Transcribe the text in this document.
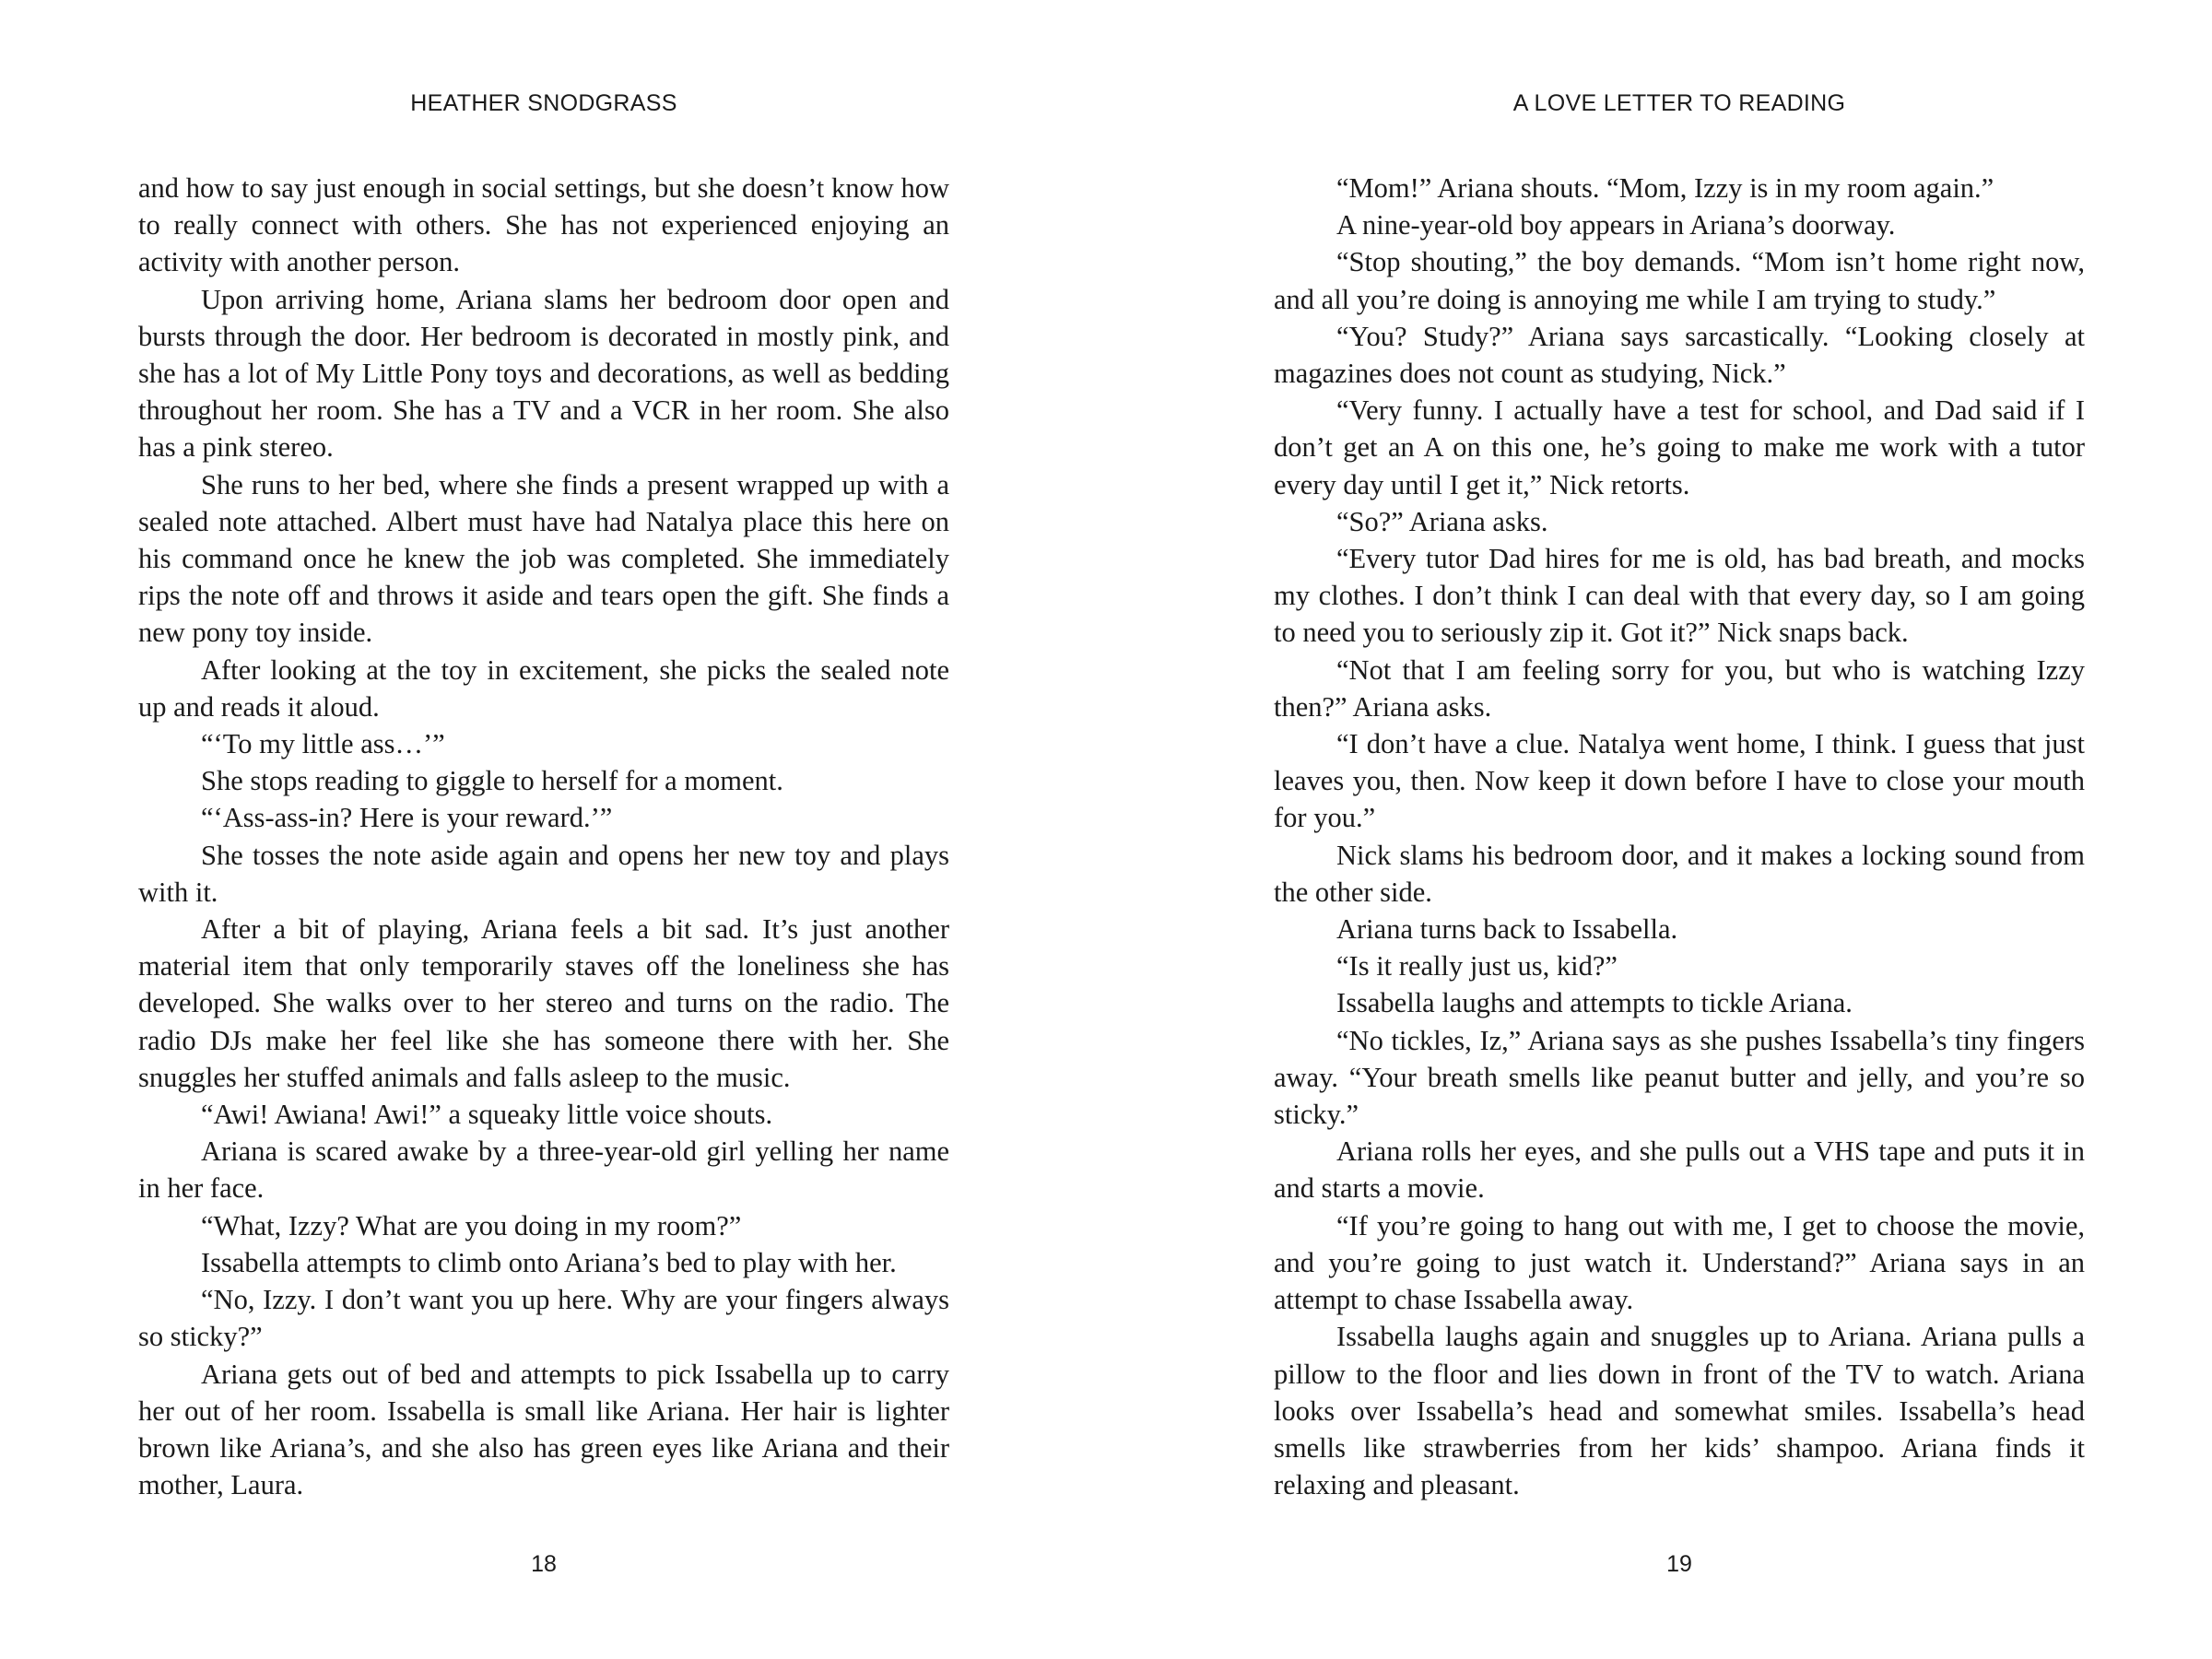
HEATHER SNODGRASS

and how to say just enough in social settings, but she doesn’t know how to really connect with others. She has not experienced enjoying an activity with another person.

Upon arriving home, Ariana slams her bedroom door open and bursts through the door. Her bedroom is decorated in mostly pink, and she has a lot of My Little Pony toys and decorations, as well as bedding throughout her room. She has a TV and a VCR in her room. She also has a pink stereo.

She runs to her bed, where she finds a present wrapped up with a sealed note attached. Albert must have had Natalya place this here on his command once he knew the job was completed. She immediately rips the note off and throws it aside and tears open the gift. She finds a new pony toy inside.

After looking at the toy in excitement, she picks the sealed note up and reads it aloud.

“‘To my little ass…’”

She stops reading to giggle to herself for a moment.

“‘Ass-ass-in? Here is your reward.’”

She tosses the note aside again and opens her new toy and plays with it.

After a bit of playing, Ariana feels a bit sad. It’s just another material item that only temporarily staves off the loneliness she has developed. She walks over to her stereo and turns on the radio. The radio DJs make her feel like she has someone there with her. She snuggles her stuffed animals and falls asleep to the music.

“Awi! Awiana! Awi!” a squeaky little voice shouts.

Ariana is scared awake by a three-year-old girl yelling her name in her face.

“What, Izzy? What are you doing in my room?”

Issabella attempts to climb onto Ariana’s bed to play with her.

“No, Izzy. I don’t want you up here. Why are your fingers always so sticky?”

Ariana gets out of bed and attempts to pick Issabella up to carry her out of her room. Issabella is small like Ariana. Her hair is lighter brown like Ariana’s, and she also has green eyes like Ariana and their mother, Laura.

18
A LOVE LETTER TO READING

“Mom!” Ariana shouts. “Mom, Izzy is in my room again.”

A nine-year-old boy appears in Ariana’s doorway.

“Stop shouting,” the boy demands. “Mom isn’t home right now, and all you’re doing is annoying me while I am trying to study.”

“You? Study?” Ariana says sarcastically. “Looking closely at magazines does not count as studying, Nick.”

“Very funny. I actually have a test for school, and Dad said if I don’t get an A on this one, he’s going to make me work with a tutor every day until I get it,” Nick retorts.

“So?” Ariana asks.

“Every tutor Dad hires for me is old, has bad breath, and mocks my clothes. I don’t think I can deal with that every day, so I am going to need you to seriously zip it. Got it?” Nick snaps back.

“Not that I am feeling sorry for you, but who is watching Izzy then?” Ariana asks.

“I don’t have a clue. Natalya went home, I think. I guess that just leaves you, then. Now keep it down before I have to close your mouth for you.”

Nick slams his bedroom door, and it makes a locking sound from the other side.

Ariana turns back to Issabella.

“Is it really just us, kid?”

Issabella laughs and attempts to tickle Ariana.

“No tickles, Iz,” Ariana says as she pushes Issabella’s tiny fingers away. “Your breath smells like peanut butter and jelly, and you’re so sticky.”

Ariana rolls her eyes, and she pulls out a VHS tape and puts it in and starts a movie.

“If you’re going to hang out with me, I get to choose the movie, and you’re going to just watch it. Understand?” Ariana says in an attempt to chase Issabella away.

Issabella laughs again and snuggles up to Ariana. Ariana pulls a pillow to the floor and lies down in front of the TV to watch. Ariana looks over Issabella’s head and somewhat smiles. Issabella’s head smells like strawberries from her kids’ shampoo. Ariana finds it relaxing and pleasant.

19
